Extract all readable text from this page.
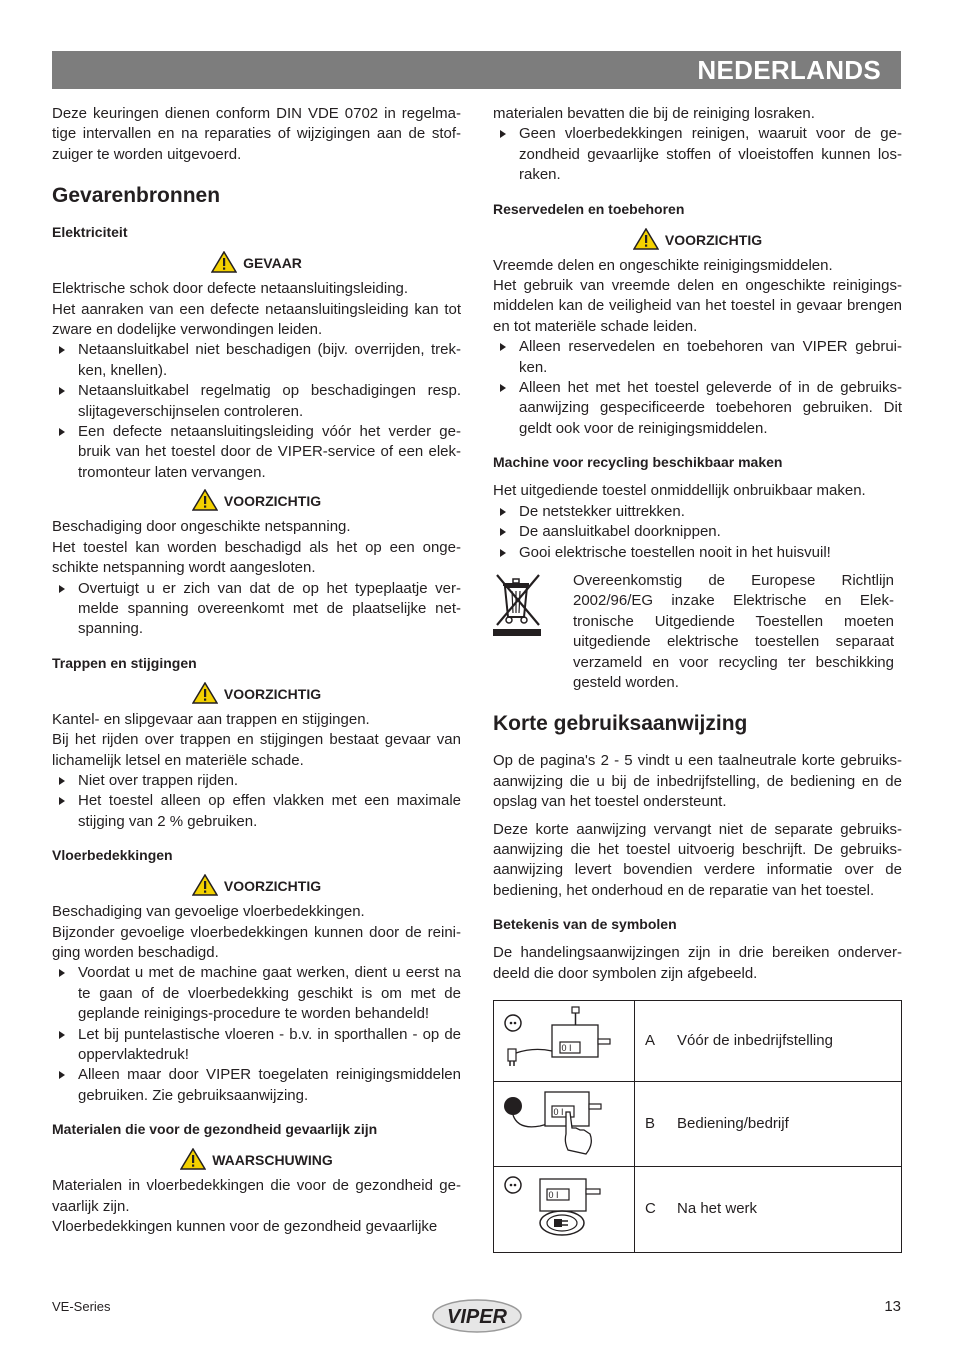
NEDERLANDS

Deze keuringen dienen conform DIN VDE 0702 in regelma-tige intervallen en na reparaties of wijzigingen aan de stof-zuiger te worden uitgevoerd.

Gevarenbronnen
Elektriciteit
GEVAAR

Elektrische schok door defecte netaansluitingsleiding.

Het aanraken van een defecte netaansluitingsleiding kan tot zware en dodelijke verwondingen leiden.

Netaansluitkabel niet beschadigen (bijv. overrijden, trek-ken, knellen).
Netaansluitkabel regelmatig op beschadigingen resp. slijtageverschijnselen controleren.
Een defecte netaansluitingsleiding vóór het verder ge-bruik van het toestel door de VIPER-service of een elek-tromonteur laten vervangen.
VOORZICHTIG

Beschadiging door ongeschikte netspanning.

Het toestel kan worden beschadigd als het op een onge-schikte netspanning wordt aangesloten.

Overtuigt u er zich van dat de op het typeplaatje ver-melde spanning overeenkomt met de plaatselijke net-spanning.
Trappen en stijgingen
VOORZICHTIG

Kantel- en slipgevaar aan trappen en stijgingen.

Bij het rijden over trappen en stijgingen bestaat gevaar van lichamelijk letsel en materiële schade.

Niet over trappen rijden.
Het toestel alleen op effen vlakken met een maximale stijging van 2 % gebruiken.
Vloerbedekkingen
VOORZICHTIG

Beschadiging van gevoelige vloerbedekkingen.

Bijzonder gevoelige vloerbedekkingen kunnen door de reini-ging worden beschadigd.

Voordat u met de machine gaat werken, dient u eerst na te gaan of de vloerbedekking geschikt is om met de geplande reinigings-procedure te worden behandeld!
Let bij puntelastische vloeren - b.v. in sporthallen - op de oppervlaktedruk!
Alleen maar door VIPER toegelaten reinigingsmiddelen gebruiken. Zie gebruiksaanwijzing.
Materialen die voor de gezondheid gevaarlijk zijn
WAARSCHUWING

Materialen in vloerbedekkingen die voor de gezondheid ge-vaarlijk zijn.

Vloerbedekkingen kunnen voor de gezondheid gevaarlijke

materialen bevatten die bij de reiniging losraken.

Geen vloerbedekkingen reinigen, waaruit voor de ge-zondheid gevaarlijke stoffen of vloeistoffen kunnen los-raken.
Reservedelen en toebehoren
VOORZICHTIG

Vreemde delen en ongeschikte reinigingsmiddelen.

Het gebruik van vreemde delen en ongeschikte reinigings-middelen kan de veiligheid van het toestel in gevaar brengen en tot materiële schade leiden.

Alleen reservedelen en toebehoren van VIPER gebrui-ken.
Alleen het met het toestel geleverde of in de gebruiks-aanwijzing gespecificeerde toebehoren gebruiken. Dit geldt ook voor de reinigingsmiddelen.
Machine voor recycling beschikbaar maken

Het uitgediende toestel onmiddellijk onbruikbaar maken.

De netstekker uittrekken.
De aansluitkabel doorknippen.
Gooi elektrische toestellen nooit in het huisvuil!
Overeenkomstig de Europese Richtlijn 2002/96/EG inzake Elektrische en Elek-tronische Uitgediende Toestellen moeten uitgediende elektrische toestellen separaat verzameld en voor recycling ter beschikking gesteld worden.
Korte gebruiksaanwijzing

Op de pagina's 2 - 5 vindt u een taalneutrale korte gebruiks-aanwijzing die u bij de inbedrijfstelling, de bediening en de opslag van het toestel ondersteunt.

Deze korte aanwijzing vervangt niet de separate gebruiks-aanwijzing die het toestel uitvoerig beschrijft. De gebruiks-aanwijzing levert bovendien verdere informatie over de bediening, het onderhoud en de reparatie van het toestel.

Betekenis van de symbolen

De handelingsaanwijzingen zijn in drie bereiken onderver-deeld die door symbolen zijn afgebeeld.

0 I	A	Vóór de inbedrijfstelling

0 I	B	Bediening/bedrijf

0 I	C	Na het werk
VE-Series	VIPER	13
